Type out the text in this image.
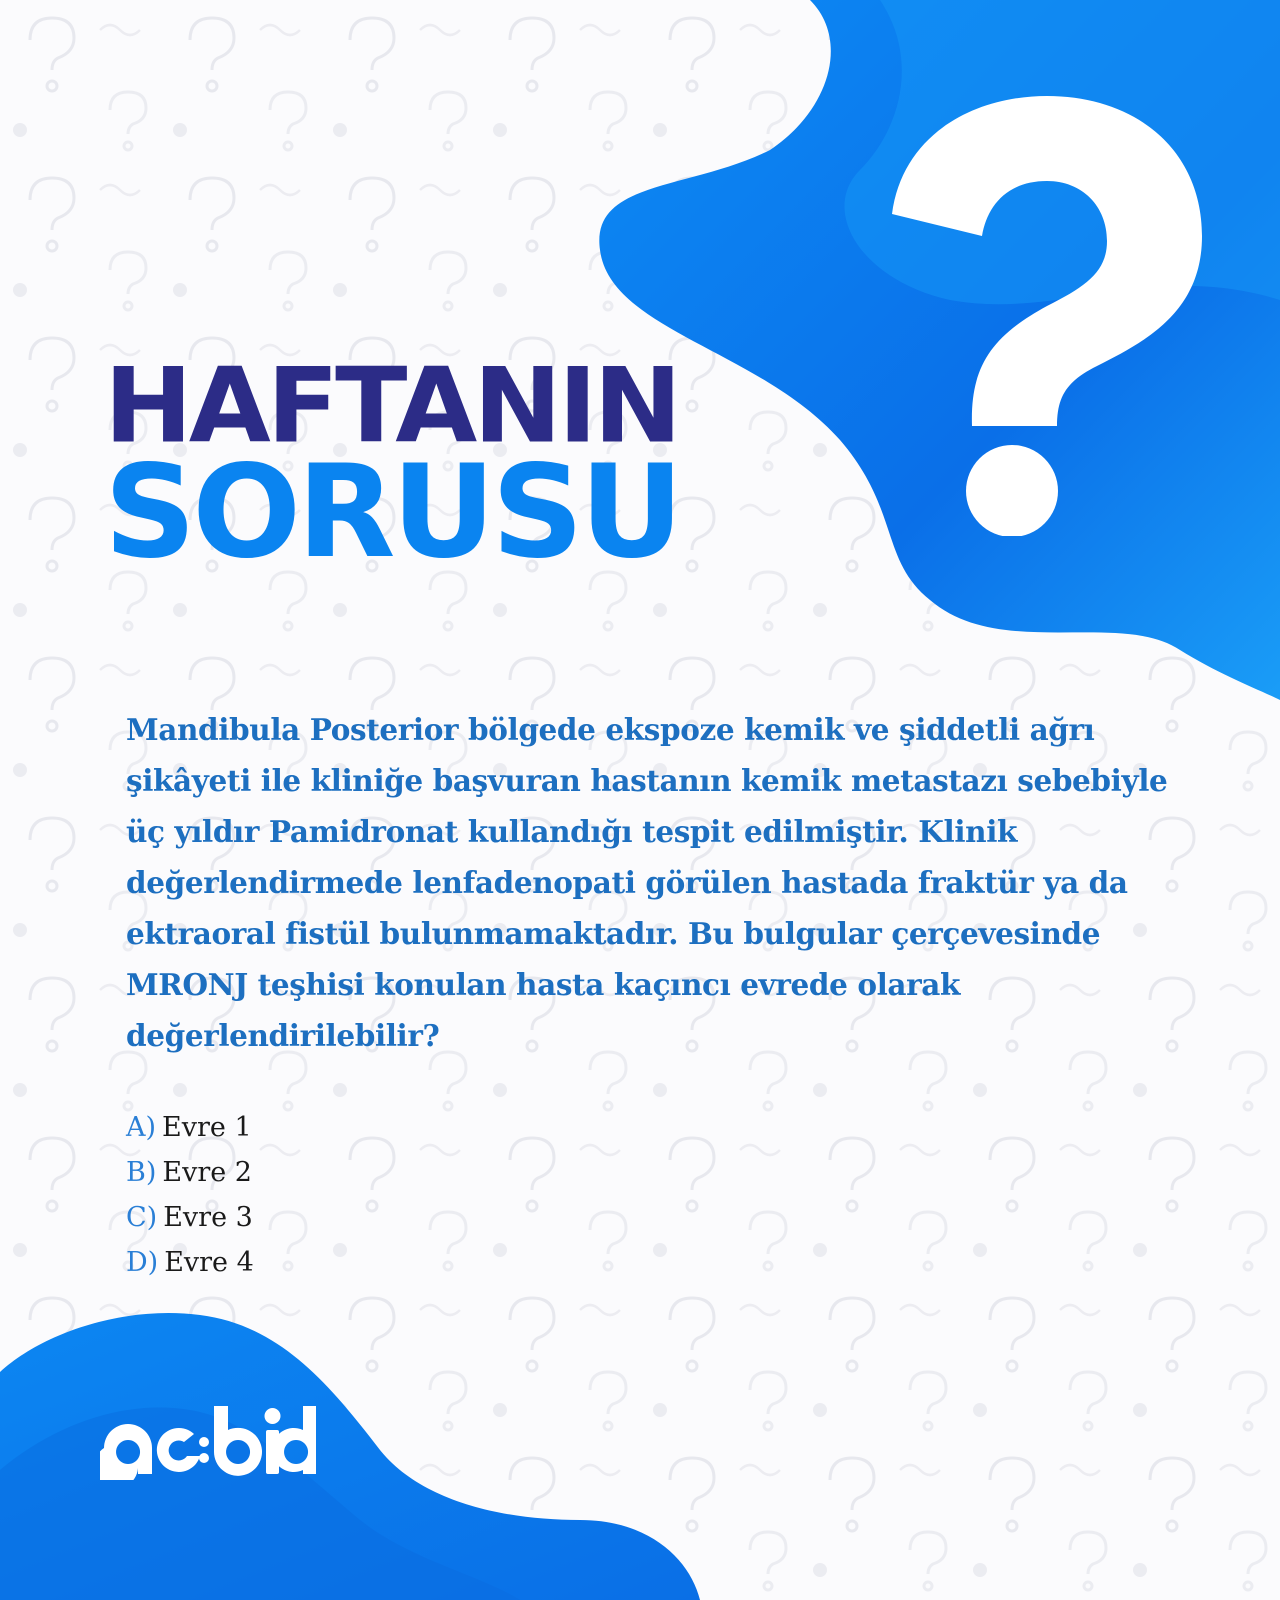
HAFTANIN
SORUSU

Mandibula Posterior bölgede ekspoze kemik ve şiddetli ağrı şikâyeti ile kliniğe başvuran hastanın kemik metastazı sebebiyle üç yıldır Pamidronat kullandığı tespit edilmiştir. Klinik değerlendirmede lenfadenopati görülen hastada fraktür ya da ektraoral fistül bulunmamaktadır. Bu bulgular çerçevesinde MRONJ teşhisi konulan hasta kaçıncı evrede olarak değerlendirilebilir?

A) Evre 1
B) Evre 2
C) Evre 3
D) Evre 4
